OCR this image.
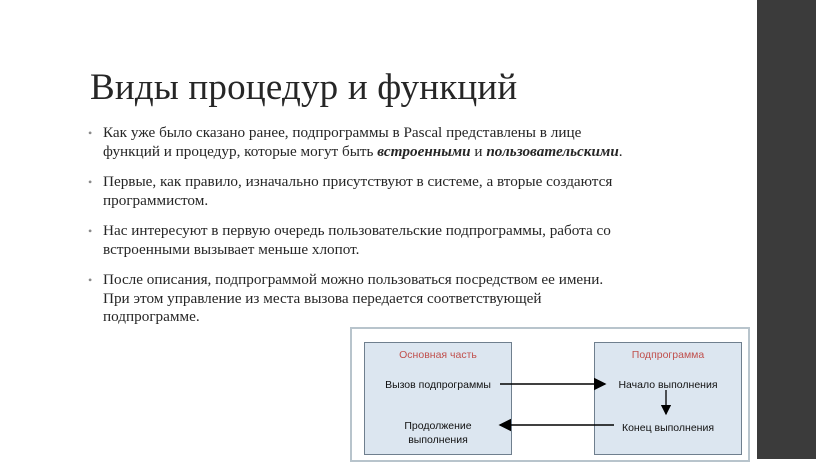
Виды процедур и функций
• Как уже было сказано ранее, подпрограммы в Pascal представлены в лице функций и процедур, которые могут быть встроенными и пользовательскими.
• Первые, как правило, изначально присутствуют в системе, а вторые создаются программистом.
• Нас интересуют в первую очередь пользовательские подпрограммы, работа со встроенными вызывает меньше хлопот.
• После описания, подпрограммой можно пользоваться посредством ее имени. При этом управление из места вызова передается соответствующей подпрограмме.
Основная часть
Вызов подпрограммы
Продолжение
выполнения
Подпрограмма
Начало выполнения
Конец выполнения
